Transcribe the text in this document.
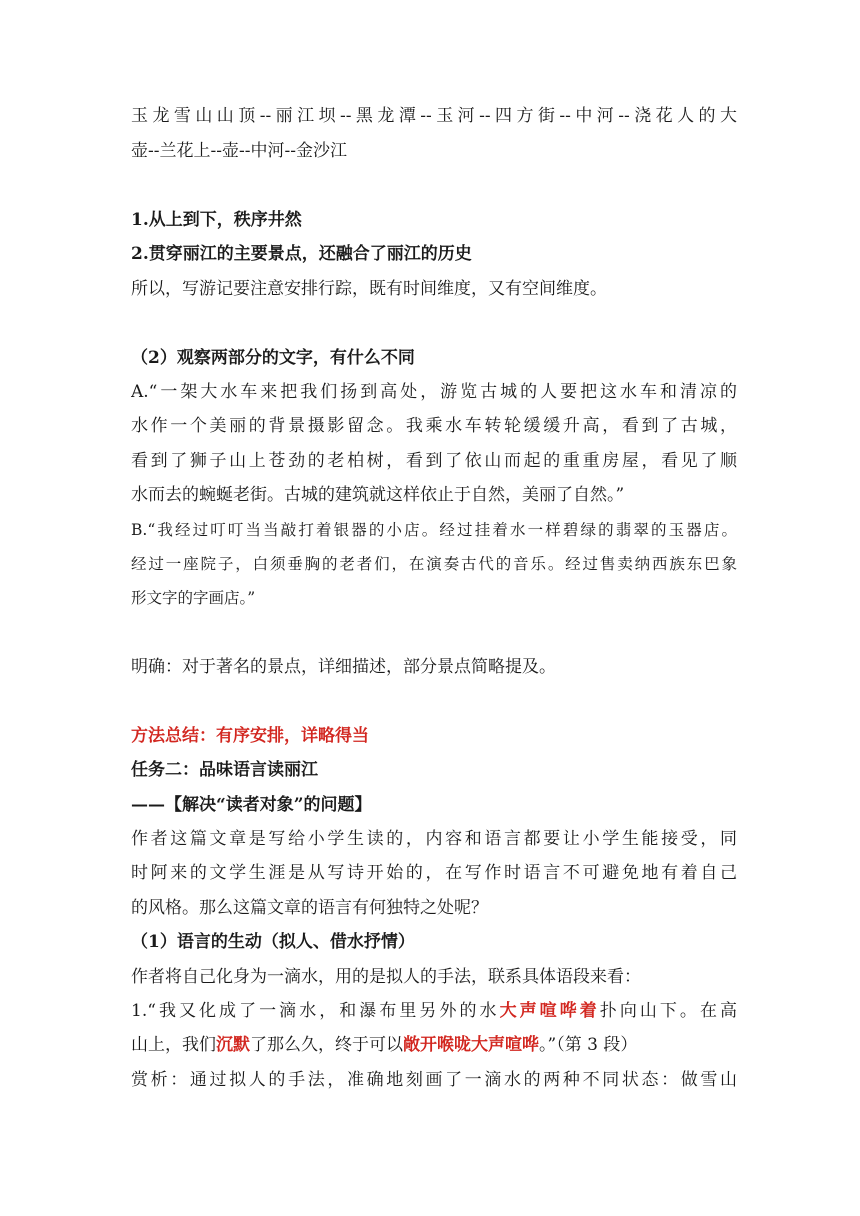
玉龙雪山山顶--丽江坝--黑龙潭--玉河--四方街--中河--浇花人的大
壶--兰花上--壶--中河--金沙江
1.从上到下，秩序井然
2.贯穿丽江的主要景点，还融合了丽江的历史
所以，写游记要注意安排行踪，既有时间维度，又有空间维度。
（2）观察两部分的文字，有什么不同
A.“一架大水车来把我们扬到高处，游览古城的人要把这水车和清凉的
水作一个美丽的背景摄影留念。我乘水车转轮缓缓升高，看到了古城，
看到了狮子山上苍劲的老柏树，看到了依山而起的重重房屋，看见了顺
水而去的蜿蜒老街。古城的建筑就这样依止于自然，美丽了自然。”
B.“我经过叮叮当当敲打着银器的小店。经过挂着水一样碧绿的翡翠的玉器店。
经过一座院子，白须垂胸的老者们，在演奏古代的音乐。经过售卖纳西族东巴象
形文字的字画店。”
明确：对于著名的景点，详细描述，部分景点简略提及。
方法总结：有序安排，详略得当
任务二：品味语言读丽江
——【解决“读者对象”的问题】
作者这篇文章是写给小学生读的，内容和语言都要让小学生能接受，同
时阿来的文学生涯是从写诗开始的，在写作时语言不可避免地有着自己
的风格。那么这篇文章的语言有何独特之处呢？
（1）语言的生动（拟人、借水抒情）
作者将自己化身为一滴水，用的是拟人的手法，联系具体语段来看：
1.“我又化成了一滴水，和瀑布里另外的水大声喧哗着扑向山下。在高
山上，我们沉默了那么久，终于可以敞开喉咙大声喧哗。”（第 3 段）
赏析：通过拟人的手法，准确地刻画了一滴水的两种不同状态：做雪山
